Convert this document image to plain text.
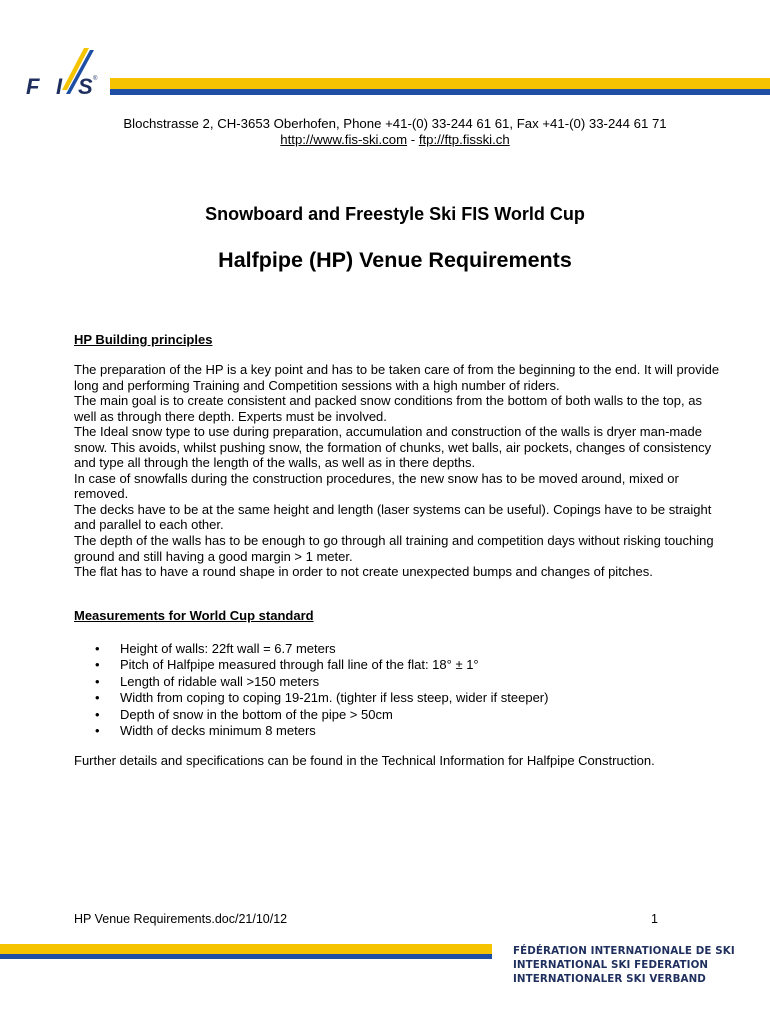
F I S ®
Blochstrasse 2, CH-3653 Oberhofen, Phone +41-(0) 33-244 61 61, Fax +41-(0) 33-244 61 71
http://www.fis-ski.com - ftp://ftp.fisski.ch
Snowboard and Freestyle Ski FIS World Cup
Halfpipe (HP) Venue Requirements
HP Building principles

The preparation of the HP is a key point and has to be taken care of from the beginning to the end. It will provide long and performing Training and Competition sessions with a high number of riders.

The main goal is to create consistent and packed snow conditions from the bottom of both walls to the top, as well as through there depth. Experts must be involved.

The Ideal snow type to use during preparation, accumulation and construction of the walls is dryer man-made snow. This avoids, whilst pushing snow, the formation of chunks, wet balls, air pockets, changes of consistency and type all through the length of the walls, as well as in there depths.

In case of snowfalls during the construction procedures, the new snow has to be moved around, mixed or removed.

The decks have to be at the same height and length (laser systems can be useful). Copings have to be straight and parallel to each other.

The depth of the walls has to be enough to go through all training and competition days without risking touching ground and still having a good margin > 1 meter.

The flat has to have a round shape in order to not create unexpected bumps and changes of pitches.

Measurements for World Cup standard
• Height of walls: 22ft wall = 6.7 meters
• Pitch of Halfpipe measured through fall line of the flat: 18° ± 1°
• Length of ridable wall >150 meters
• Width from coping to coping 19-21m. (tighter if less steep, wider if steeper)
• Depth of snow in the bottom of the pipe > 50cm
• Width of decks minimum 8 meters
Further details and specifications can be found in the Technical Information for Halfpipe Construction.
HP Venue Requirements.doc/21/10/12	1
FÉDÉRATION INTERNATIONALE DE SKI
INTERNATIONAL SKI FEDERATION
INTERNATIONALER SKI VERBAND
